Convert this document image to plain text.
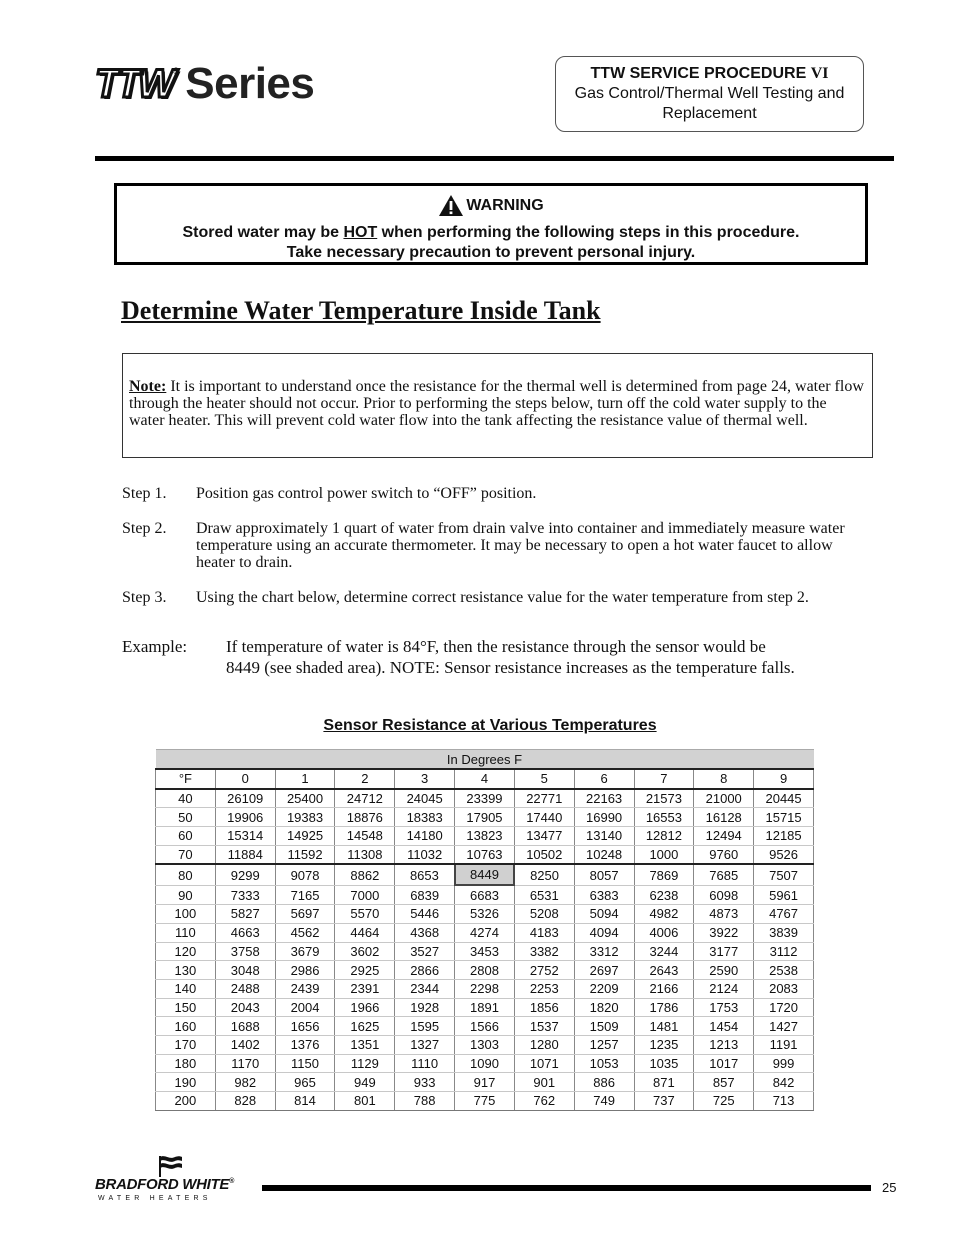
TTW ® Series	TTW SERVICE PROCEDURE VI
Gas Control/Thermal Well Testing and
Replacement
WARNING
Stored water may be HOT when performing the following steps in this procedure.
Take necessary precaution to prevent personal injury.
Determine Water Temperature Inside Tank
Note: It is important to understand once the resistance for the thermal well is determined from page 24, water flow through the heater should not occur. Prior to performing the steps below, turn off the cold water supply to the water heater. This will prevent cold water flow into the tank affecting the resistance value of thermal well.
Step 1.	Position gas control power switch to “OFF” position.
Step 2.	Draw approximately 1 quart of water from drain valve into container and immediately measure water temperature using an accurate thermometer. It may be necessary to open a hot water faucet to allow heater to drain.
Step 3.	Using the chart below, determine correct resistance value for the water temperature from step 2.
Example:	If temperature of water is 84°F, then the resistance through the sensor would be 8449 (see shaded area). NOTE: Sensor resistance increases as the temperature falls.
Sensor Resistance at Various Temperatures
In Degrees F										
°F	0	1	2	3	4	5	6	7	8	9
40	26109	25400	24712	24045	23399	22771	22163	21573	21000	20445
50	19906	19383	18876	18383	17905	17440	16990	16553	16128	15715
60	15314	14925	14548	14180	13823	13477	13140	12812	12494	12185
70	11884	11592	11308	11032	10763	10502	10248	1000	9760	9526
80	9299	9078	8862	8653	8449	8250	8057	7869	7685	7507
90	7333	7165	7000	6839	6683	6531	6383	6238	6098	5961
100	5827	5697	5570	5446	5326	5208	5094	4982	4873	4767
110	4663	4562	4464	4368	4274	4183	4094	4006	3922	3839
120	3758	3679	3602	3527	3453	3382	3312	3244	3177	3112
130	3048	2986	2925	2866	2808	2752	2697	2643	2590	2538
140	2488	2439	2391	2344	2298	2253	2209	2166	2124	2083
150	2043	2004	1966	1928	1891	1856	1820	1786	1753	1720
160	1688	1656	1625	1595	1566	1537	1509	1481	1454	1427
170	1402	1376	1351	1327	1303	1280	1257	1235	1213	1191
180	1170	1150	1129	1110	1090	1071	1053	1035	1017	999
190	982	965	949	933	917	901	886	871	857	842
200	828	814	801	788	775	762	749	737	725	713
BRADFORD WHITE®
WATER HEATERS
25
